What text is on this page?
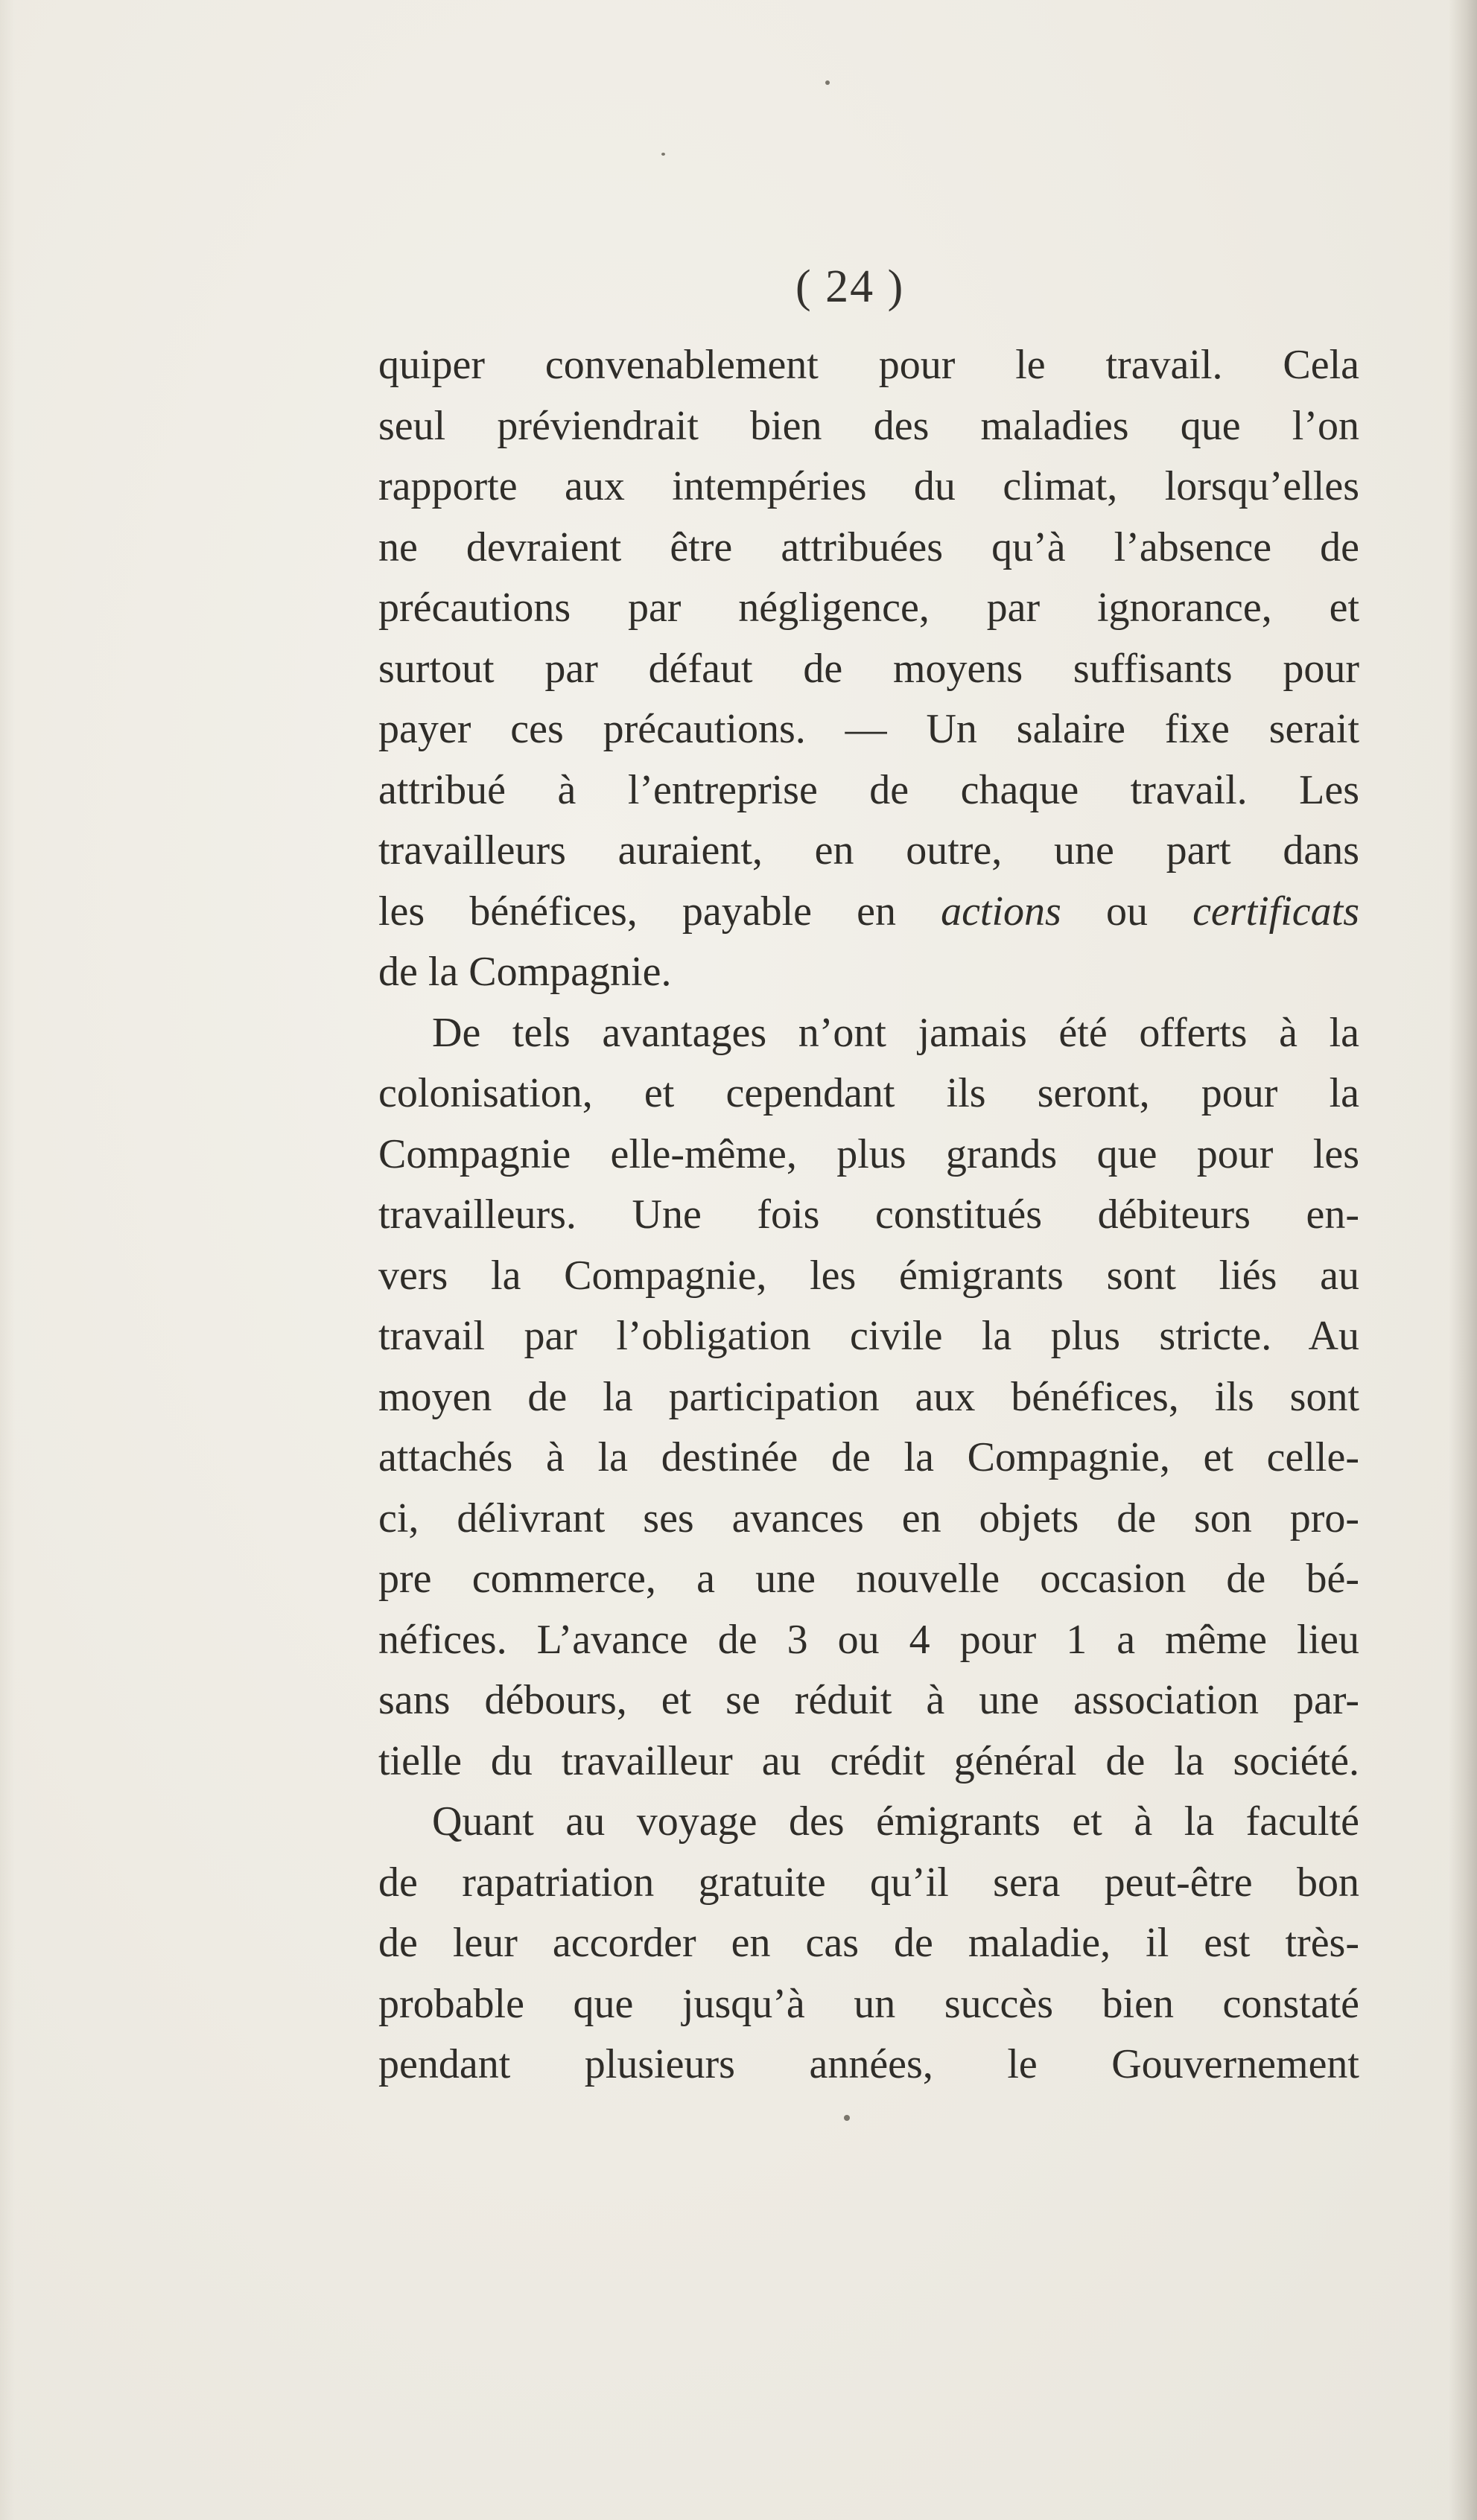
( 24 )
quiper convenablement pour le travail. Cela
seul préviendrait bien des maladies que l’on
rapporte aux intempéries du climat, lorsqu’elles
ne devraient être attribuées qu’à l’absence de
précautions par négligence, par ignorance, et
surtout par défaut de moyens suffisants pour
payer ces précautions. — Un salaire fixe serait
attribué à l’entreprise de chaque travail. Les
travailleurs auraient, en outre, une part dans
les bénéfices, payable en actions ou certificats
de la Compagnie.
De tels avantages n’ont jamais été offerts à la
colonisation, et cependant ils seront, pour la
Compagnie elle-même, plus grands que pour les
travailleurs. Une fois constitués débiteurs en-
vers la Compagnie, les émigrants sont liés au
travail par l’obligation civile la plus stricte. Au
moyen de la participation aux bénéfices, ils sont
attachés à la destinée de la Compagnie, et celle-
ci, délivrant ses avances en objets de son pro-
pre commerce, a une nouvelle occasion de bé-
néfices. L’avance de 3 ou 4 pour 1 a même lieu
sans débours, et se réduit à une association par-
tielle du travailleur au crédit général de la société.
Quant au voyage des émigrants et à la faculté
de rapatriation gratuite qu’il sera peut-être bon
de leur accorder en cas de maladie, il est très-
probable que jusqu’à un succès bien constaté
pendant plusieurs années, le Gouvernement
